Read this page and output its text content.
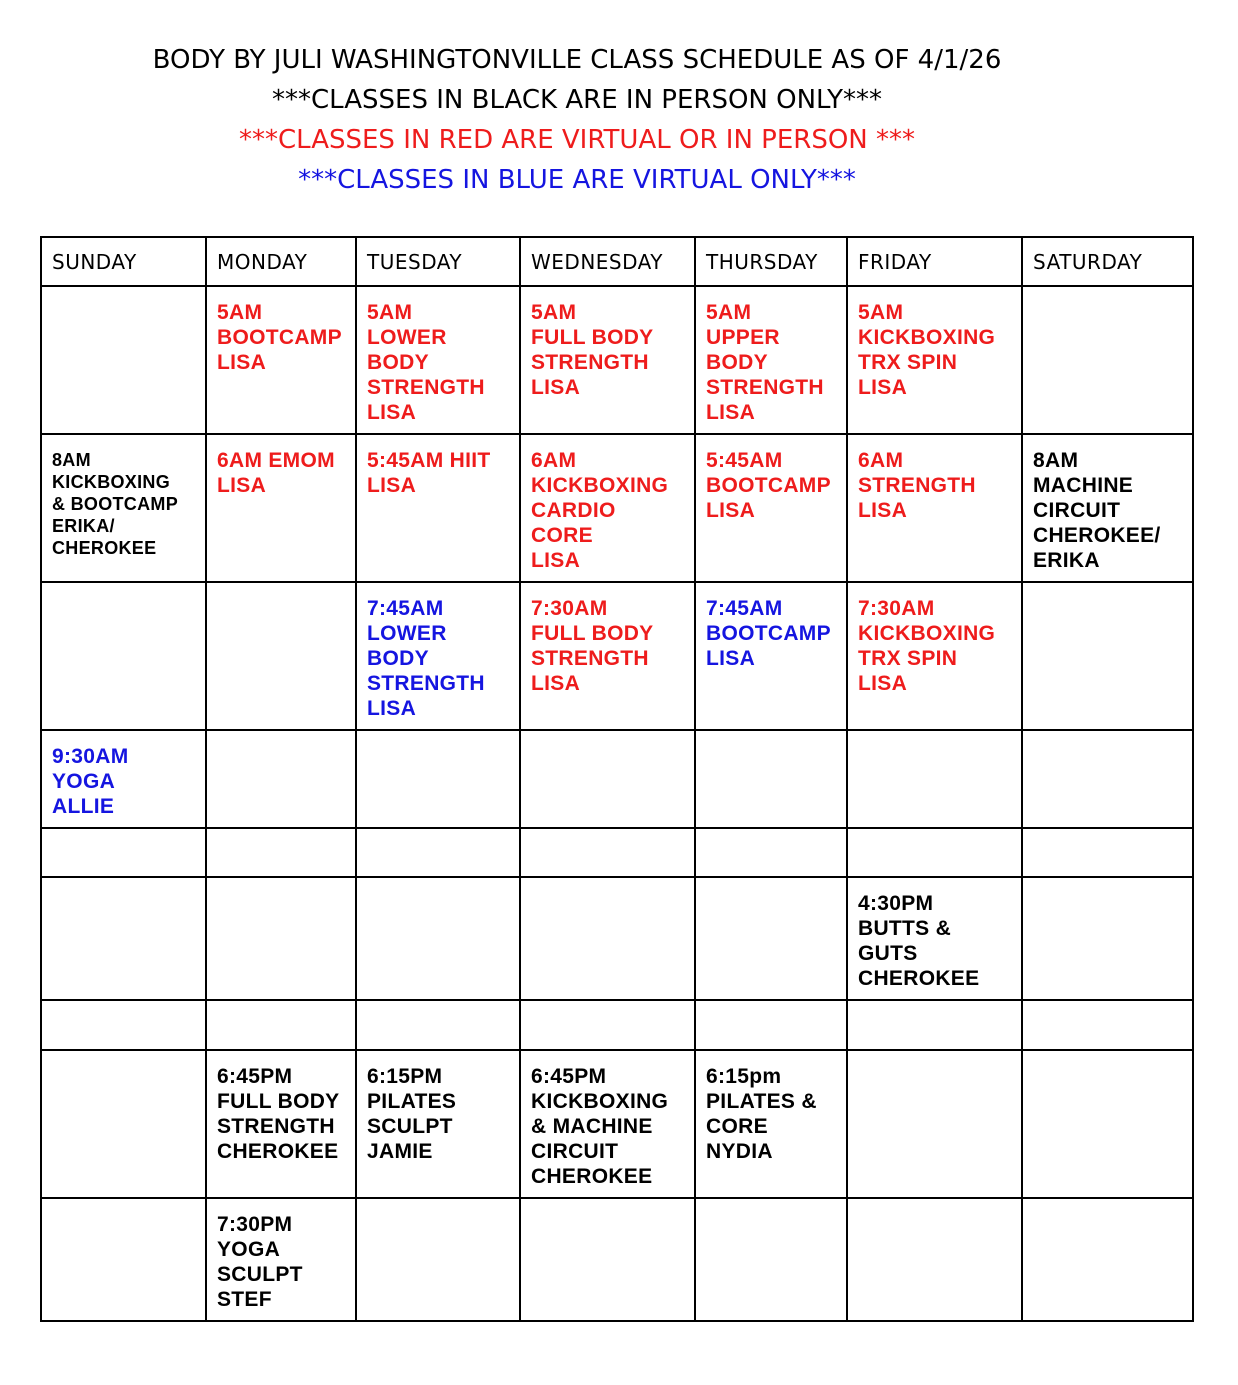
BODY BY JULI WASHINGTONVILLE CLASS SCHEDULE AS OF 4/1/26
***CLASSES IN BLACK ARE IN PERSON ONLY***
***CLASSES IN RED ARE VIRTUAL OR IN PERSON ***
***CLASSES IN BLUE ARE VIRTUAL ONLY***
SUNDAY	MONDAY	TUESDAY	WEDNESDAY	THURSDAY	FRIDAY	SATURDAY

	5AM
BOOTCAMP
LISA	5AM
LOWER
BODY
STRENGTH
LISA	5AM
FULL BODY
STRENGTH
LISA	5AM
UPPER
BODY
STRENGTH
LISA	5AM
KICKBOXING
TRX SPIN
LISA	

8AM
KICKBOXING
& BOOTCAMP
ERIKA/
CHEROKEE	6AM EMOM
LISA	5:45AM HIIT
LISA	6AM
KICKBOXING
CARDIO
CORE
LISA	5:45AM
BOOTCAMP
LISA	6AM
STRENGTH
LISA	8AM
MACHINE
CIRCUIT
CHEROKEE/
ERIKA

		7:45AM
LOWER
BODY
STRENGTH
LISA	7:30AM
FULL BODY
STRENGTH
LISA	7:45AM
BOOTCAMP
LISA	7:30AM
KICKBOXING
TRX SPIN
LISA	

9:30AM
YOGA
ALLIE						

					4:30PM
BUTTS &
GUTS
CHEROKEE	

	6:45PM
FULL BODY
STRENGTH
CHEROKEE	6:15PM
PILATES
SCULPT
JAMIE	6:45PM
KICKBOXING
& MACHINE
CIRCUIT
CHEROKEE	6:15pm
PILATES &
CORE
NYDIA		

	7:30PM
YOGA
SCULPT
STEF					
